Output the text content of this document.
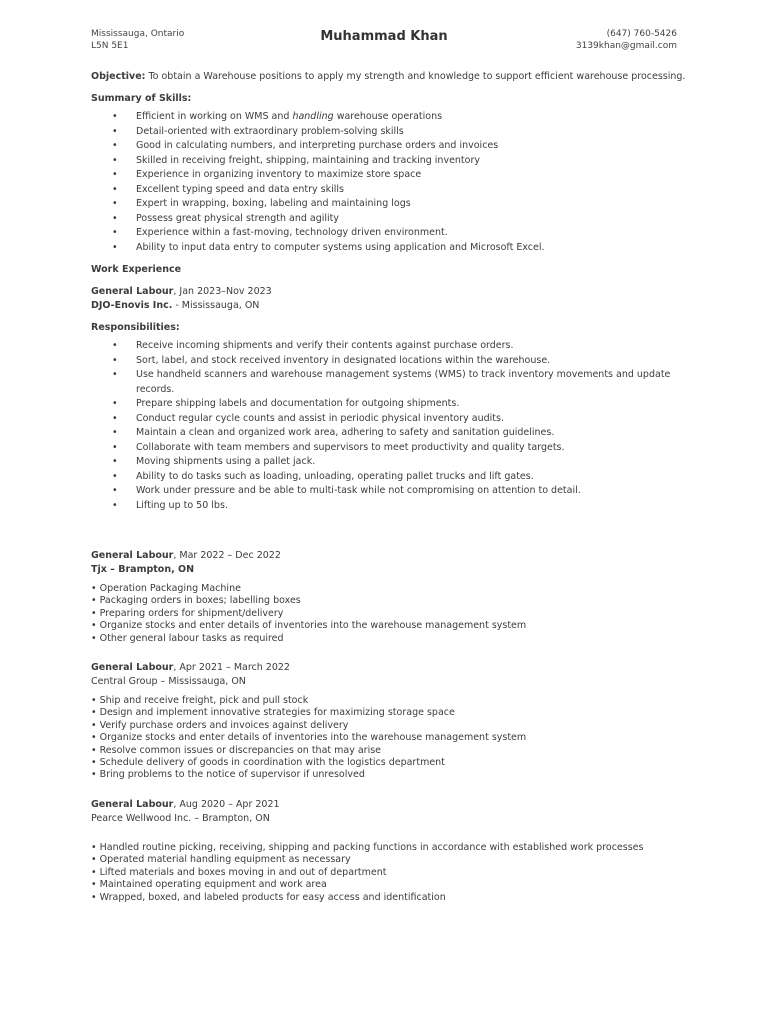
Mississauga, Ontario
L5N 5E1
Muhammad Khan	(647) 760-5426
3139khan@gmail.com

Objective: To obtain a Warehouse positions to apply my strength and knowledge to support efficient warehouse processing.

Summary of Skills:

• Efficient in working on WMS and handling warehouse operations
• Detail-oriented with extraordinary problem-solving skills
• Good in calculating numbers, and interpreting purchase orders and invoices
• Skilled in receiving freight, shipping, maintaining and tracking inventory
• Experience in organizing inventory to maximize store space
• Excellent typing speed and data entry skills
• Expert in wrapping, boxing, labeling and maintaining logs
• Possess great physical strength and agility
• Experience within a fast-moving, technology driven environment.
• Ability to input data entry to computer systems using application and Microsoft Excel.

Work Experience

General Labour, Jan 2023–Nov 2023

DJO-Enovis Inc. - Mississauga, ON

Responsibilities:

• Receive incoming shipments and verify their contents against purchase orders.
• Sort, label, and stock received inventory in designated locations within the warehouse.
• Use handheld scanners and warehouse management systems (WMS) to track inventory movements and update records.
• Prepare shipping labels and documentation for outgoing shipments.
• Conduct regular cycle counts and assist in periodic physical inventory audits.
• Maintain a clean and organized work area, adhering to safety and sanitation guidelines.
• Collaborate with team members and supervisors to meet productivity and quality targets.
• Moving shipments using a pallet jack.
• Ability to do tasks such as loading, unloading, operating pallet trucks and lift gates.
• Work under pressure and be able to multi-task while not compromising on attention to detail.
• Lifting up to 50 lbs.

General Labour, Mar 2022 – Dec 2022

Tjx – Brampton, ON

• Operation Packaging Machine
• Packaging orders in boxes; labelling boxes
• Preparing orders for shipment/delivery
• Organize stocks and enter details of inventories into the warehouse management system
• Other general labour tasks as required

General Labour, Apr 2021 – March 2022

Central Group – Mississauga, ON

• Ship and receive freight, pick and pull stock
• Design and implement innovative strategies for maximizing storage space
• Verify purchase orders and invoices against delivery
• Organize stocks and enter details of inventories into the warehouse management system
• Resolve common issues or discrepancies on that may arise
• Schedule delivery of goods in coordination with the logistics department
• Bring problems to the notice of supervisor if unresolved

General Labour, Aug 2020 – Apr 2021

Pearce Wellwood Inc. – Brampton, ON

• Handled routine picking, receiving, shipping and packing functions in accordance with established work processes
• Operated material handling equipment as necessary
• Lifted materials and boxes moving in and out of department
• Maintained operating equipment and work area
• Wrapped, boxed, and labeled products for easy access and identification
